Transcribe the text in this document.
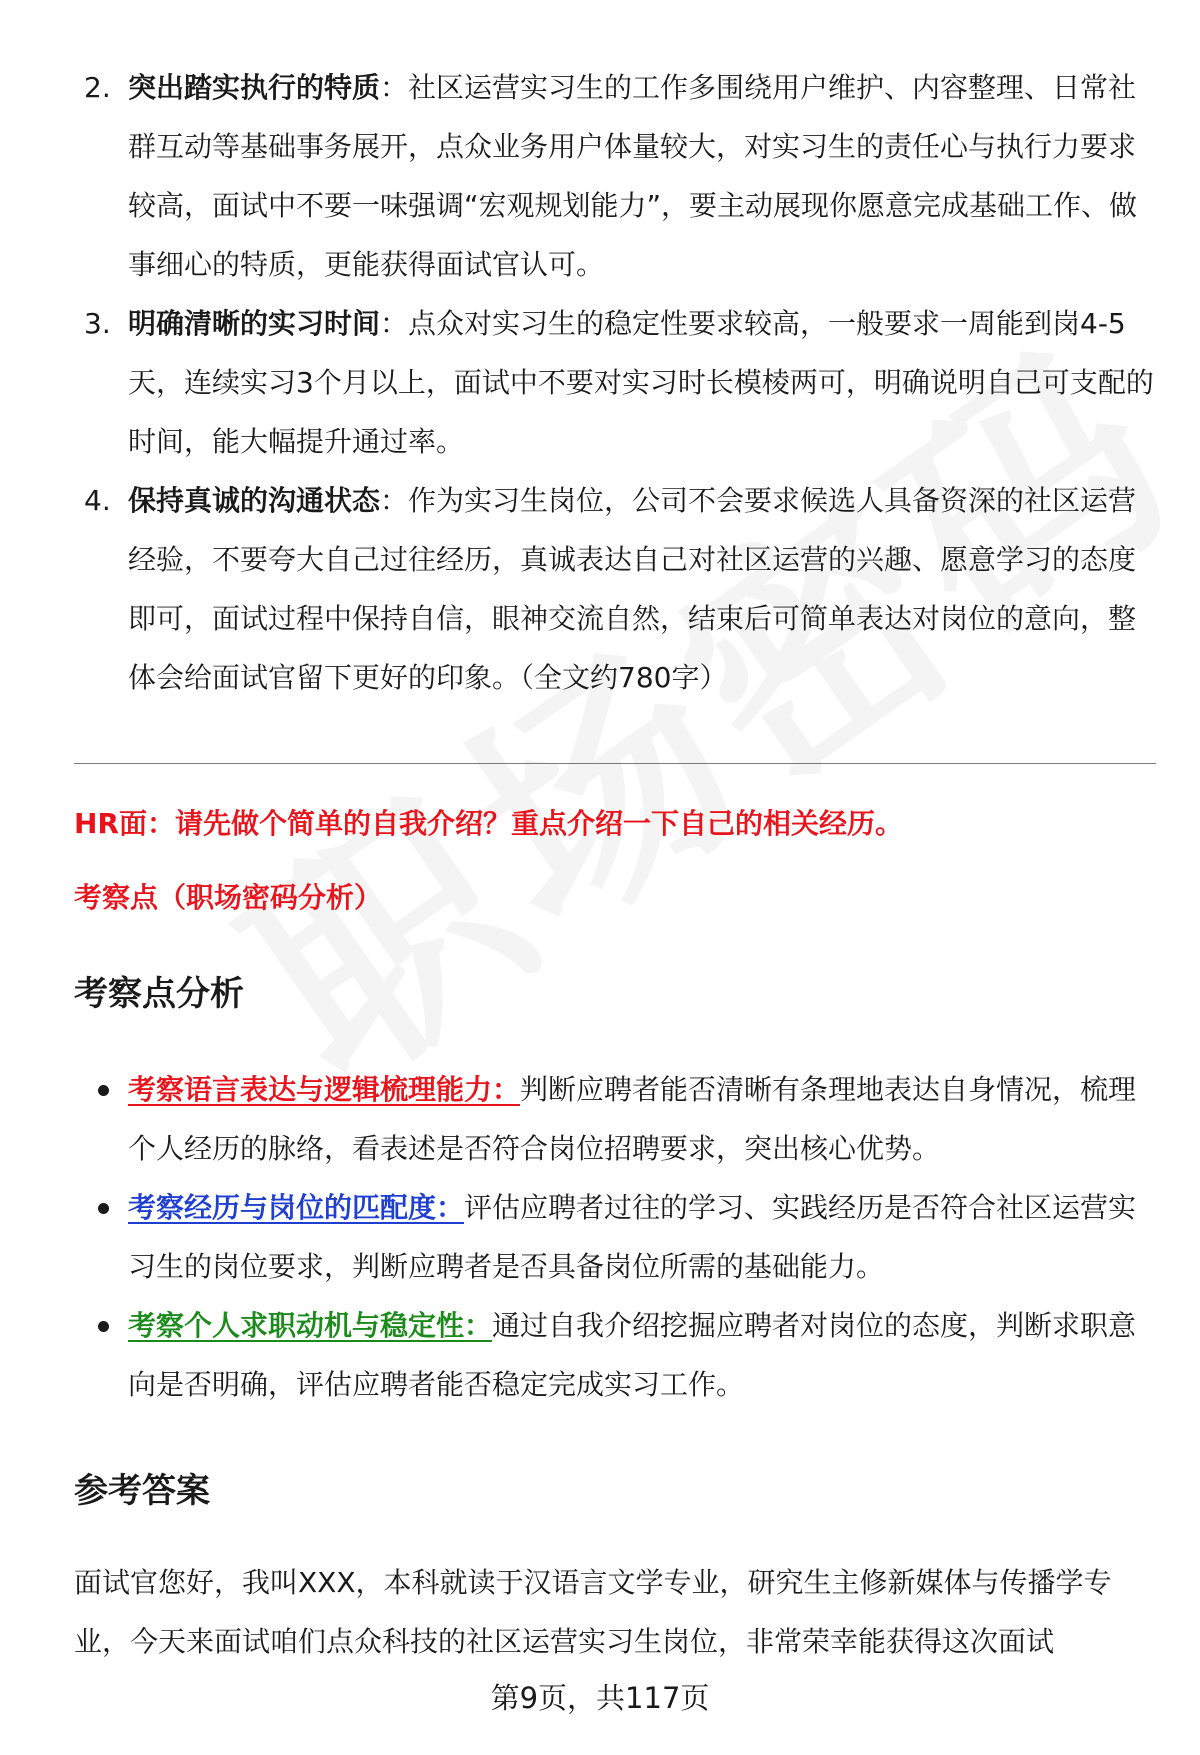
2. 突出踏实执行的特质：社区运营实习生的工作多围绕用户维护、内容整理、日常社群互动等基础事务展开，点众业务用户体量较大，对实习生的责任心与执行力要求较高，面试中不要一味强调“宏观规划能力”，要主动展现你愿意完成基础工作、做事细心的特质，更能获得面试官认可。
3. 明确清晰的实习时间：点众对实习生的稳定性要求较高，一般要求一周能到岗4-5天，连续实习3个月以上，面试中不要对实习时长模棱两可，明确说明自己可支配的时间，能大幅提升通过率。
4. 保持真诚的沟通状态：作为实习生岗位，公司不会要求候选人具备资深的社区运营经验，不要夸大自己过往经历，真诚表达自己对社区运营的兴趣、愿意学习的态度即可，面试过程中保持自信，眼神交流自然，结束后可简单表达对岗位的意向，整体会给面试官留下更好的印象。（全文约780字）
HR面：请先做个简单的自我介绍？重点介绍一下自己的相关经历。
考察点（职场密码分析）
考察点分析
考察语言表达与逻辑梳理能力：判断应聘者能否清晰有条理地表达自身情况，梳理个人经历的脉络，看表述是否符合岗位招聘要求，突出核心优势。
考察经历与岗位的匹配度：评估应聘者过往的学习、实践经历是否符合社区运营实习生的岗位要求，判断应聘者是否具备岗位所需的基础能力。
考察个人求职动机与稳定性：通过自我介绍挖掘应聘者对岗位的态度，判断求职意向是否明确，评估应聘者能否稳定完成实习工作。
参考答案
面试官您好，我叫XXX，本科就读于汉语言文学专业，研究生主修新媒体与传播学专业，今天来面试咱们点众科技的社区运营实习生岗位，非常荣幸能获得这次面试
第9页，共117页
